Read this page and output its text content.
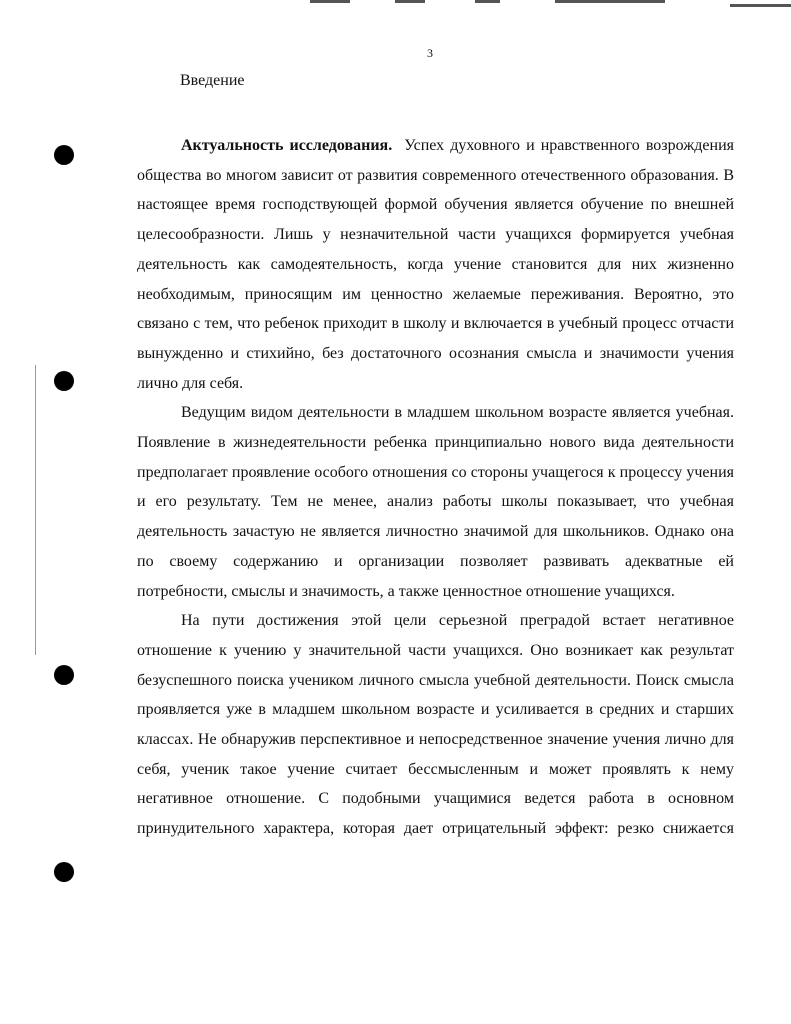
3
Введение

Актуальность исследования. Успех духовного и нравственного возрождения общества во многом зависит от развития современного отечественного образования. В настоящее время господствующей формой обучения является обучение по внешней целесообразности. Лишь у незначительной части учащихся формируется учебная деятельность как самодеятельность, когда учение становится для них жизненно необходимым, приносящим им ценностно желаемые переживания. Вероятно, это связано с тем, что ребенок приходит в школу и включается в учебный процесс отчасти вынужденно и стихийно, без достаточного осознания смысла и значимости учения лично для себя.

Ведущим видом деятельности в младшем школьном возрасте является учебная. Появление в жизнедеятельности ребенка принципиально нового вида деятельности предполагает проявление особого отношения со стороны учащегося к процессу учения и его результату. Тем не менее, анализ работы школы показывает, что учебная деятельность зачастую не является личностно значимой для школьников. Однако она по своему содержанию и организации позволяет развивать адекватные ей потребности, смыслы и значимость, а также ценностное отношение учащихся.

На пути достижения этой цели серьезной преградой встает негативное отношение к учению у значительной части учащихся. Оно возникает как результат безуспешного поиска учеником личного смысла учебной деятельности. Поиск смысла проявляется уже в младшем школьном возрасте и усиливается в средних и старших классах. Не обнаружив перспективное и непосредственное значение учения лично для себя, ученик такое учение считает бессмысленным и может проявлять к нему негативное отношение. С подобными учащимися ведется работа в основном принудительного характера, которая дает отрицательный эффект: резко снижается
